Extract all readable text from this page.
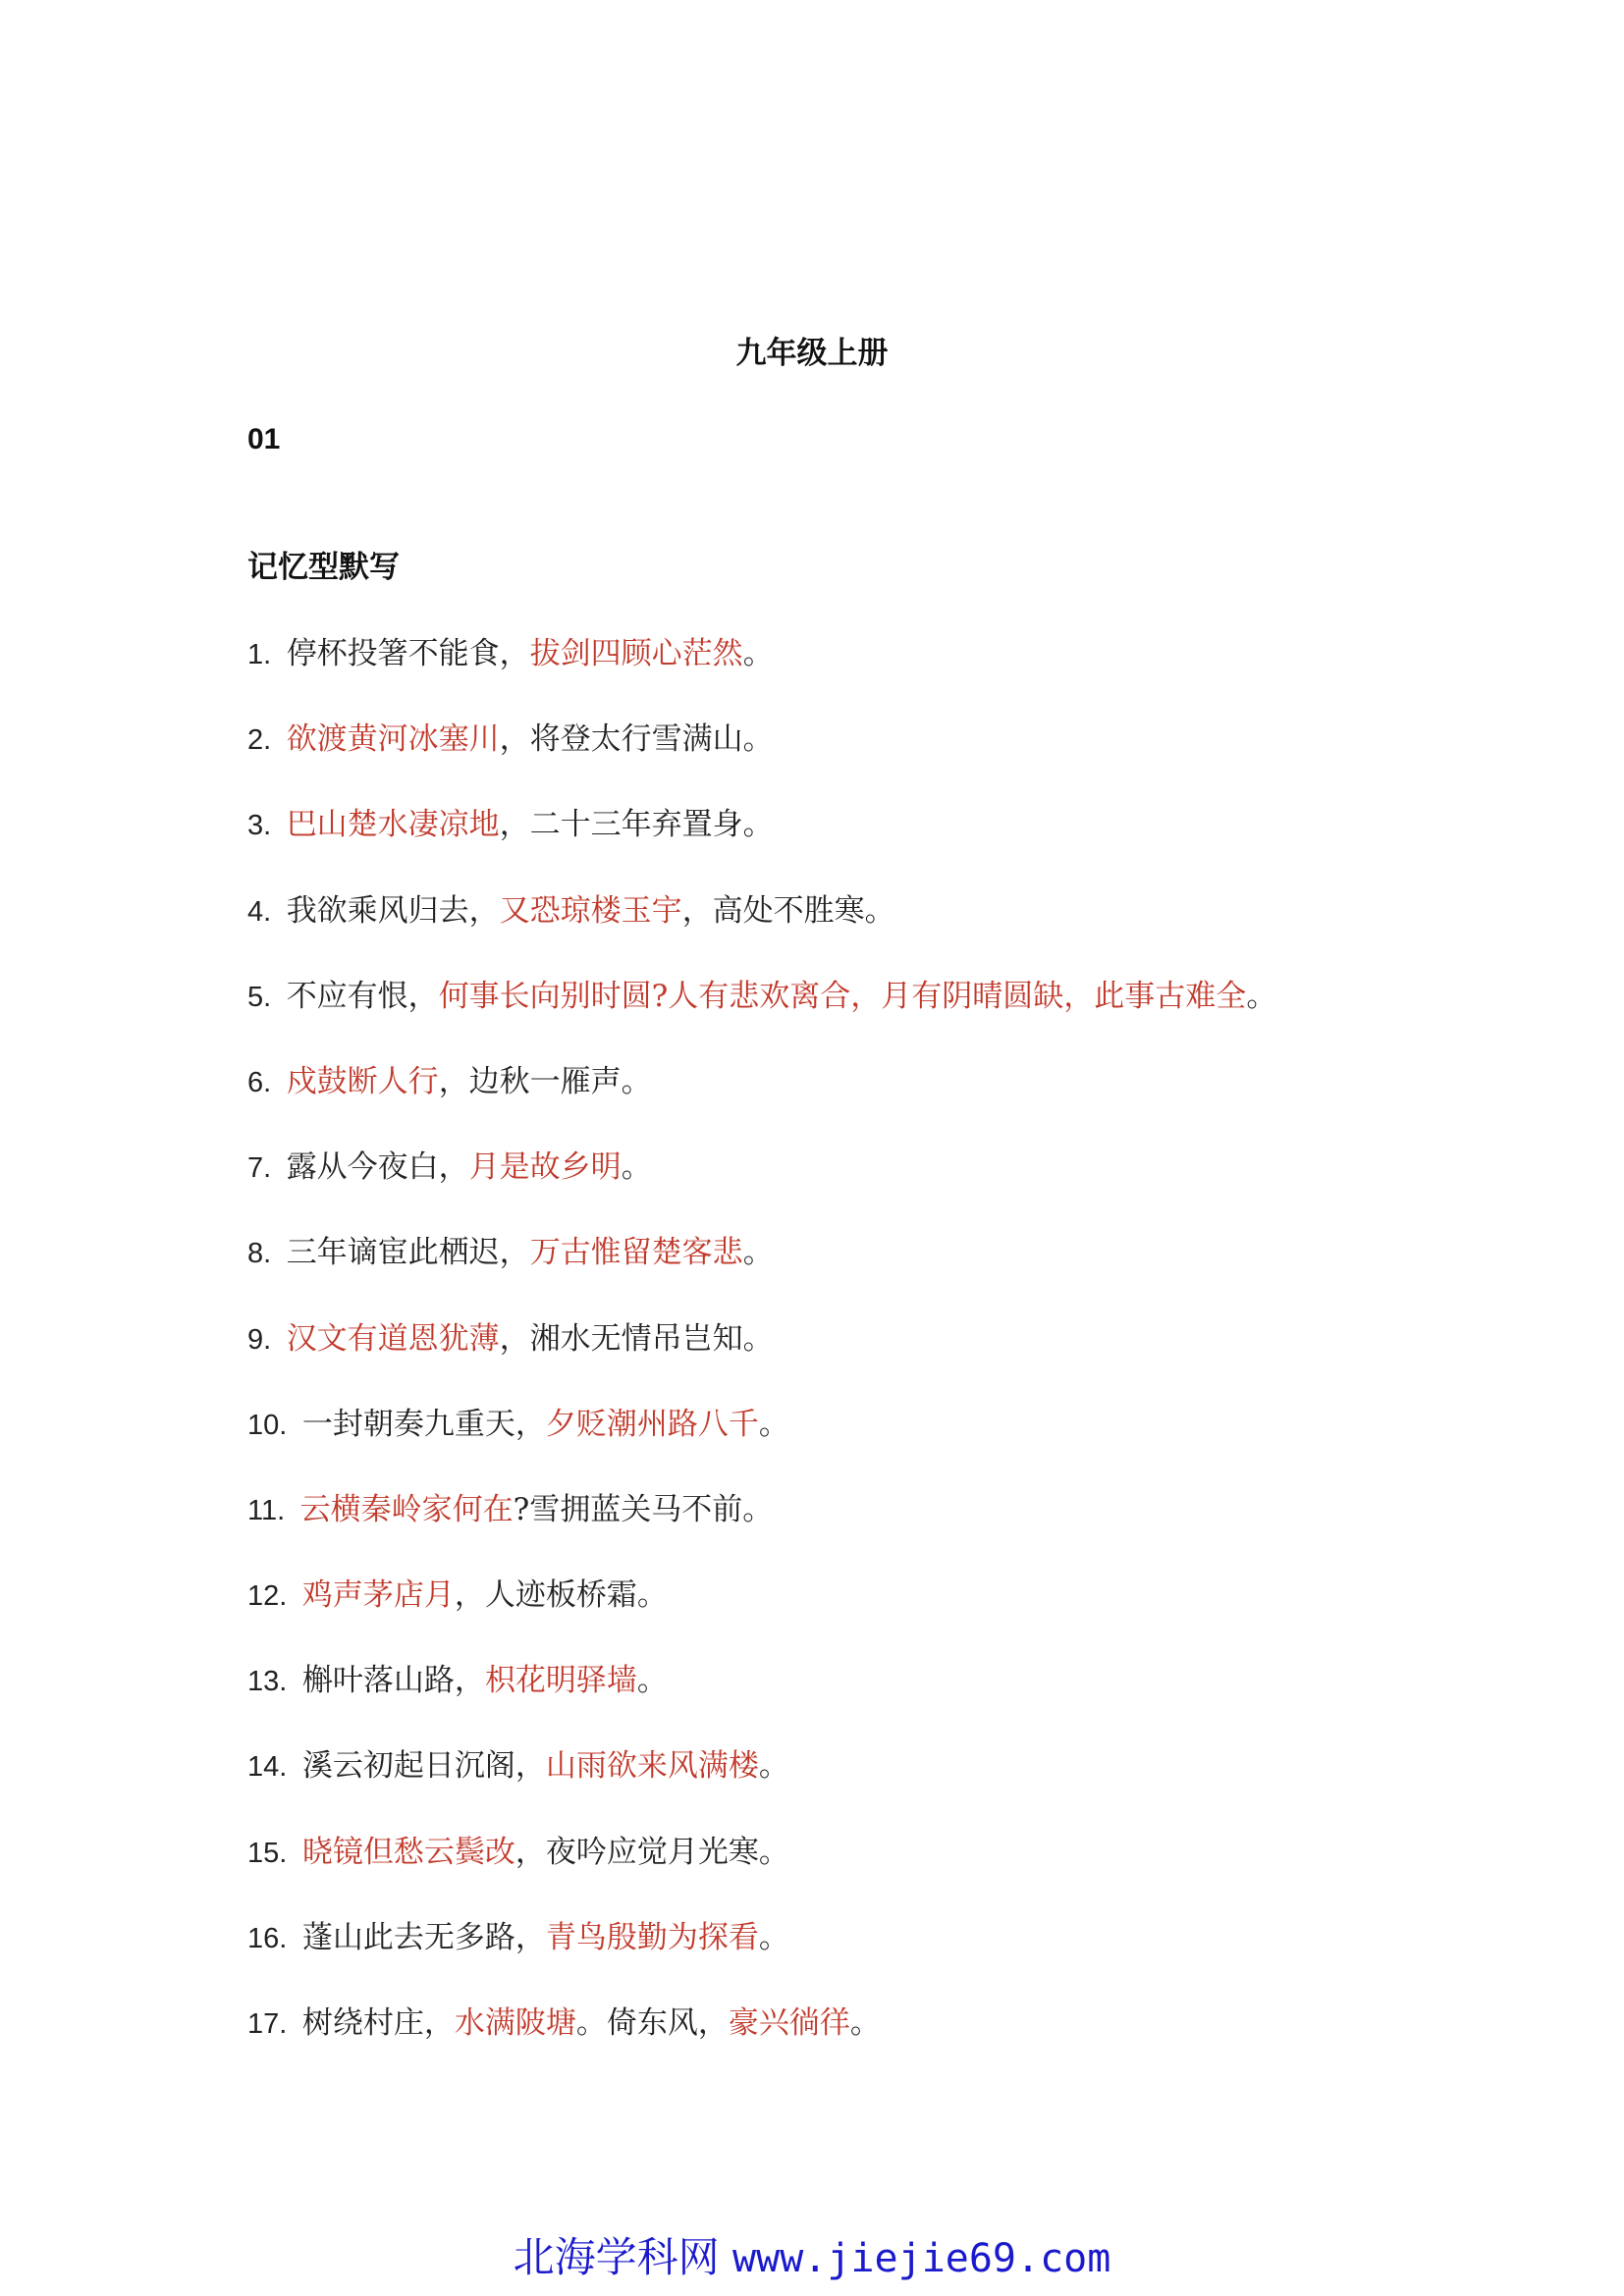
九年级上册
01
记忆型默写
1.  停杯投箸不能食，拔剑四顾心茫然。
2.  欲渡黄河冰塞川，将登太行雪满山。
3.  巴山楚水凄凉地，二十三年弃置身。
4.  我欲乘风归去，又恐琼楼玉宇，高处不胜寒。
5.  不应有恨，何事长向别时圆?人有悲欢离合，月有阴晴圆缺，此事古难全。
6.  戍鼓断人行，边秋一雁声。
7.  露从今夜白，月是故乡明。
8.  三年谪宦此栖迟，万古惟留楚客悲。
9.  汉文有道恩犹薄，湘水无情吊岂知。
10.  一封朝奏九重天，夕贬潮州路八千。
11.  云横秦岭家何在?雪拥蓝关马不前。
12.  鸡声茅店月，人迹板桥霜。
13.  槲叶落山路，枳花明驿墙。
14.  溪云初起日沉阁，山雨欲来风满楼。
15.  晓镜但愁云鬓改，夜吟应觉月光寒。
16.  蓬山此去无多路，青鸟殷勤为探看。
17.  树绕村庄，水满陂塘。倚东风，豪兴徜徉。
北海学科网 www.jiejie69.com
